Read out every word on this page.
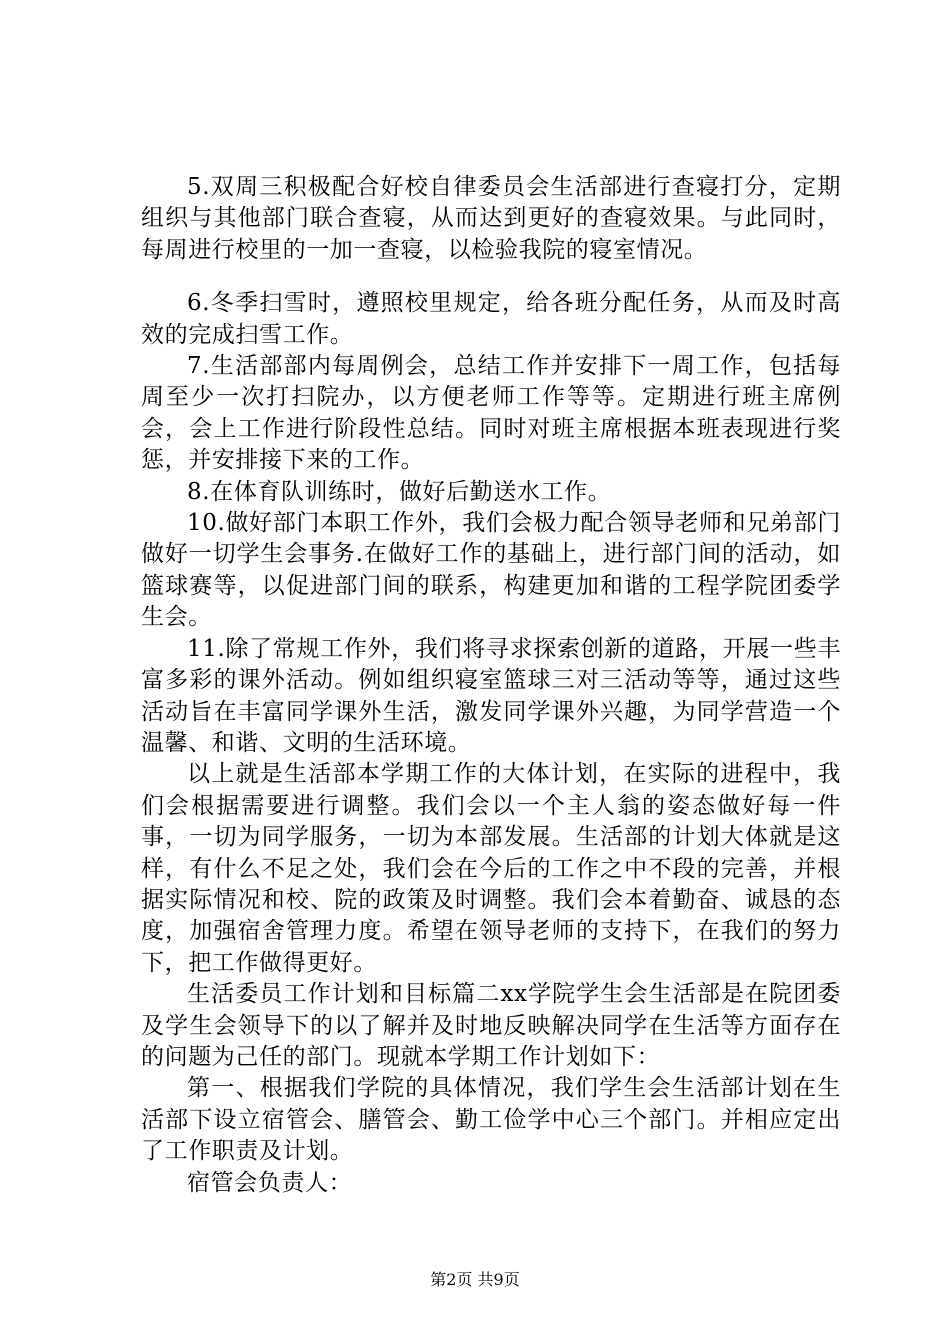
5.双周三积极配合好校自律委员会生活部进行查寝打分，定期组织与其他部门联合查寝，从而达到更好的查寝效果。与此同时，每周进行校里的一加一查寝，以检验我院的寝室情况。

6.冬季扫雪时，遵照校里规定，给各班分配任务，从而及时高效的完成扫雪工作。

7.生活部部内每周例会，总结工作并安排下一周工作，包括每周至少一次打扫院办，以方便老师工作等等。定期进行班主席例会，会上工作进行阶段性总结。同时对班主席根据本班表现进行奖惩，并安排接下来的工作。

8.在体育队训练时，做好后勤送水工作。

10.做好部门本职工作外，我们会极力配合领导老师和兄弟部门做好一切学生会事务.在做好工作的基础上，进行部门间的活动，如篮球赛等，以促进部门间的联系，构建更加和谐的工程学院团委学生会。

11.除了常规工作外，我们将寻求探索创新的道路，开展一些丰富多彩的课外活动。例如组织寝室篮球三对三活动等等，通过这些活动旨在丰富同学课外生活，激发同学课外兴趣，为同学营造一个温馨、和谐、文明的生活环境。

以上就是生活部本学期工作的大体计划，在实际的进程中，我们会根据需要进行调整。我们会以一个主人翁的姿态做好每一件事，一切为同学服务，一切为本部发展。生活部的计划大体就是这样，有什么不足之处，我们会在今后的工作之中不段的完善，并根据实际情况和校、院的政策及时调整。我们会本着勤奋、诚恳的态度，加强宿舍管理力度。希望在领导老师的支持下，在我们的努力下，把工作做得更好。

生活委员工作计划和目标篇二xx学院学生会生活部是在院团委及学生会领导下的以了解并及时地反映解决同学在生活等方面存在的问题为己任的部门。现就本学期工作计划如下：

第一、根据我们学院的具体情况，我们学生会生活部计划在生活部下设立宿管会、膳管会、勤工俭学中心三个部门。并相应定出了工作职责及计划。

宿管会负责人：

第2页 共9页
